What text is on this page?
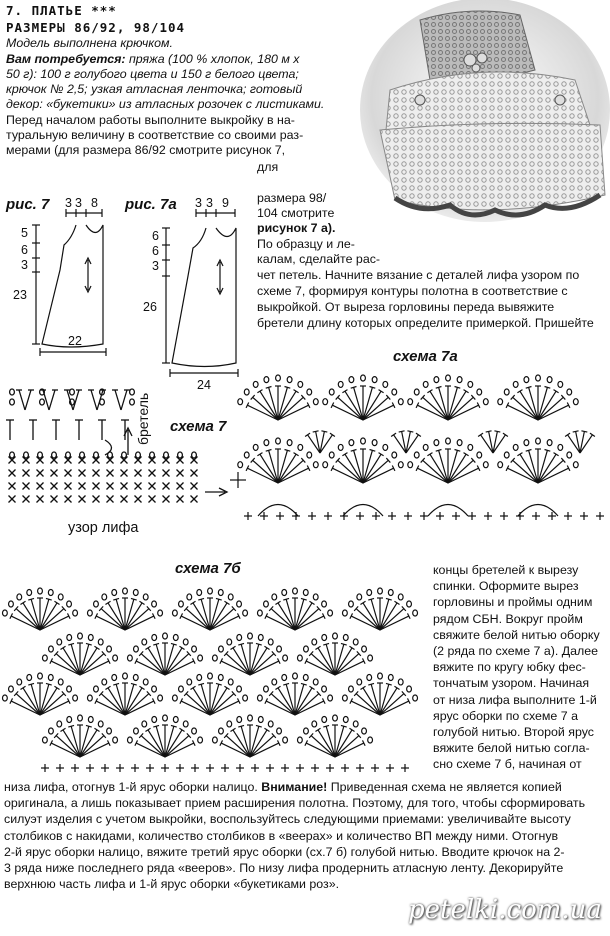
7. ПЛАТЬЕ ***
РАЗМЕРЫ 86/92, 98/104
Модель выполнена крючком.
Вам потребуется: пряжа (100 % хлопок, 180 м х
50 г): 100 г голубого цвета и 150 г белого цвета;
крючок № 2,5; узкая атласная ленточка; готовый
декор: «букетики» из атласных розочек с листиками.
Перед началом работы выполните выкройку в на-
туральную величину в соответствие со своими раз-
мерами (для размера 86/92 смотрите рисунок 7,
для
размера 98/
104 смотрите
рисунок 7 а).
По образцу и ле-
калам, сделайте рас-
чет петель. Начните вязание с деталей лифа узором по
схеме 7, формируя контуры полотна в соответствие с
выкройкой. От выреза горловины переда вывяжите
бретели длину которых определите примеркой. Пришейте
рис. 7 3 3 8
5
6
3
23
22
рис. 7а 3 3 9
6
6
3
26
24
схема 7а
схема 7
схема 7б
бретель
узор лифа
концы бретелей к вырезу
спинки. Оформите вырез
горловины и проймы одним
рядом СБН. Вокруг пройм
свяжите белой нитью оборку
(2 ряда по схеме 7 а). Далее
вяжите по кругу юбку фес-
тончатым узором. Начиная
от низа лифа выполните 1-й
ярус оборки по схеме 7 а
голубой нитью. Второй ярус
вяжите белой нитью согла-
сно схеме 7 б, начиная от
низа лифа, отогнув 1-й ярус оборки налицо. Внимание! Приведенная схема не является копией
оригинала, а лишь показывает прием расширения полотна. Поэтому, для того, чтобы сформировать
силуэт изделия с учетом выкройки, воспользуйтесь следующими приемами: увеличивайте высоту
столбиков с накидами, количество столбиков в «веерах» и количество ВП между ними. Отогнув
2-й ярус оборки налицо, вяжите третий ярус оборки (сх.7 б) голубой нитью. Вводите крючок на 2-
3 ряда ниже последнего ряда «вееров». По низу лифа продернить атласную ленту. Декорируйте
верхнюю часть лифа и 1-й ярус оборки «букетиками роз».
petelki.com.ua
